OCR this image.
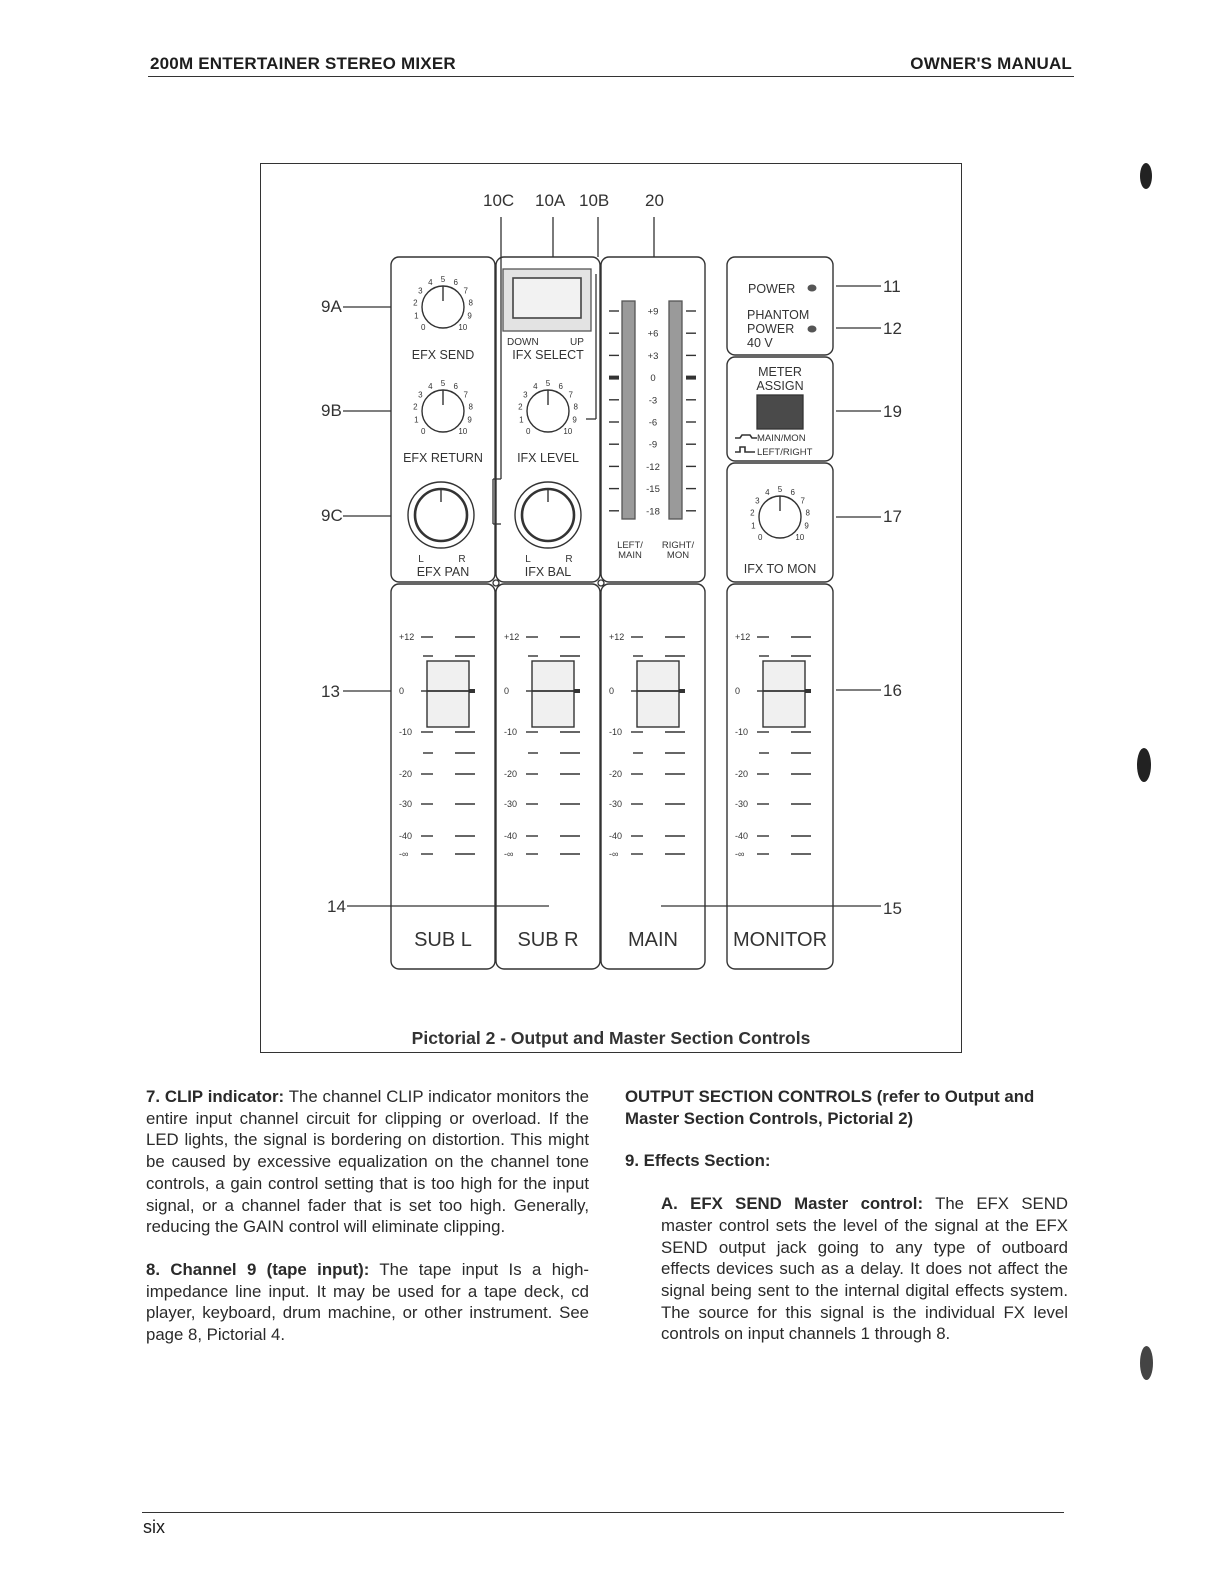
200M ENTERTAINER STEREO MIXER	OWNER'S MANUAL
10C 10A 10B 20
9A
9B
9C
13
14
11
12
19
17
16
15
0
1
2
3
4 5 6
7
8
9
10
0
1
2
3
4 5 6
7
8
9
10	0
1
2
3
4 5 6
7
8
9
10
0
1
2
3
4 5 6
7
8
9
10
EFX SEND
EFX RETURN	IFX LEVEL
IFX TO MON
L	R	L	R
EFX PAN	IFX BAL
DOWN	UP
IFX SELECT
+9
+6
+3
0
-3
-6
-9
-12
-15
-18
LEFT/
MAIN
RIGHT/
MON
POWER
PHANTOM
POWER
40 V
METER
ASSIGN
MAIN/MON
LEFT/RIGHT
+12
0
-10
-20
-30
-40
-∞
+12
0
-10
-20
-30
-40
-∞
+12
0
-10
-20
-30
-40
-∞
+12
0
-10
-20
-30
-40
-∞
SUB L SUB R MAIN	MONITOR
Pictorial 2 - Output and Master Section Controls

7. CLIP indicator: The channel CLIP indicator monitors the entire input channel circuit for clipping or overload. If the LED lights, the signal is bordering on distortion. This might be caused by excessive equalization on the channel tone controls, a gain control setting that is too high for the input signal, or a channel fader that is set too high. Generally, reducing the GAIN control will eliminate clipping.

8. Channel 9 (tape input): The tape input Is a high-impedance line input. It may be used for a tape deck, cd player, keyboard, drum machine, or other instrument. See page 8, Pictorial 4.

OUTPUT SECTION CONTROLS (refer to Output and Master Section Controls, Pictorial 2)

9. Effects Section:

A. EFX SEND Master control: The EFX SEND master control sets the level of the signal at the EFX SEND output jack going to any type of outboard effects devices such as a delay. It does not affect the signal being sent to the internal digital effects system. The source for this signal is the individual FX level controls on input channels 1 through 8.

six
